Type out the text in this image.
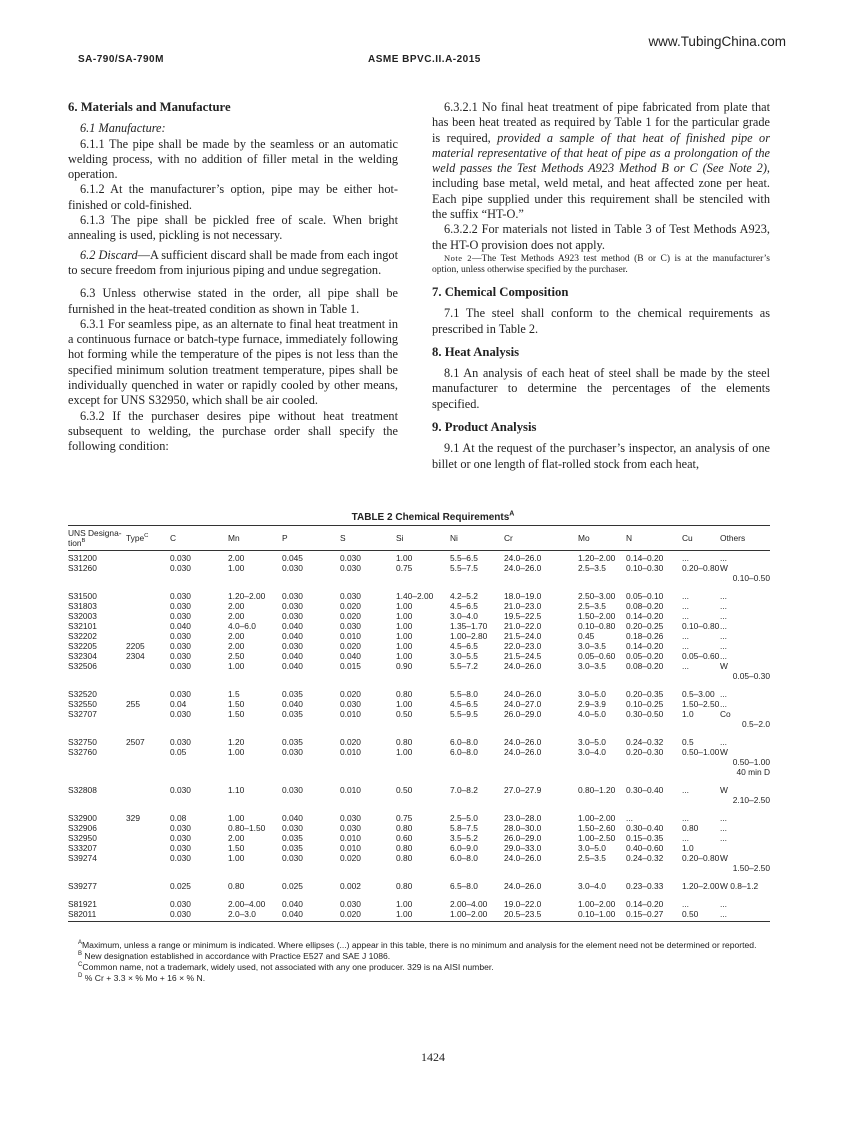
www.TubingChina.com
SA-790/SA-790M	ASME BPVC.II.A-2015
6. Materials and Manufacture

6.1 Manufacture:

6.1.1 The pipe shall be made by the seamless or an automatic welding process, with no addition of filler metal in the welding operation.

6.1.2 At the manufacturer’s option, pipe may be either hot-finished or cold-finished.

6.1.3 The pipe shall be pickled free of scale. When bright annealing is used, pickling is not necessary.

6.2 Discard—A sufficient discard shall be made from each ingot to secure freedom from injurious piping and undue segregation.

6.3 Unless otherwise stated in the order, all pipe shall be furnished in the heat-treated condition as shown in Table 1.

6.3.1 For seamless pipe, as an alternate to final heat treatment in a continuous furnace or batch-type furnace, immediately following hot forming while the temperature of the pipes is not less than the specified minimum solution treatment temperature, pipes shall be individually quenched in water or rapidly cooled by other means, except for UNS S32950, which shall be air cooled.

6.3.2 If the purchaser desires pipe without heat treatment subsequent to welding, the purchase order shall specify the following condition:

6.3.2.1 No final heat treatment of pipe fabricated from plate that has been heat treated as required by Table 1 for the particular grade is required, provided a sample of that heat of finished pipe or material representative of that heat of pipe as a prolongation of the weld passes the Test Methods A923 Method B or C (See Note 2), including base metal, weld metal, and heat affected zone per heat. Each pipe supplied under this requirement shall be stenciled with the suffix “HT-O.”

6.3.2.2 For materials not listed in Table 3 of Test Methods A923, the HT-O provision does not apply.

Note 2—The Test Methods A923 test method (B or C) is at the manufacturer’s option, unless otherwise specified by the purchaser.

7. Chemical Composition

7.1 The steel shall conform to the chemical requirements as prescribed in Table 2.

8. Heat Analysis

8.1 An analysis of each heat of steel shall be made by the steel manufacturer to determine the percentages of the elements specified.

9. Product Analysis

9.1 At the request of the purchaser’s inspector, an analysis of one billet or one length of flat-rolled stock from each heat,

TABLE 2 Chemical Requirements$^A$
UNS Designa-tion$^B$	Type$^C$	C	Mn	P	S	Si	Ni	Cr	Mo	N	Cu	Others
S31200		0.030	2.00	0.045	0.030	1.00	5.5–6.5	24.0–26.0	1.20–2.00	0.14–0.20	...	...
S31260		0.030	1.00	0.030	0.030	0.75	5.5–7.5	24.0–26.0	2.5–3.5	0.10–0.30	0.20–0.80	W
												0.10–0.50

S31500		0.030	1.20–2.00	0.030	0.030	1.40–2.00	4.2–5.2	18.0–19.0	2.50–3.00	0.05–0.10	...	...
S31803		0.030	2.00	0.030	0.020	1.00	4.5–6.5	21.0–23.0	2.5–3.5	0.08–0.20	...	...
S32003		0.030	2.00	0.030	0.020	1.00	3.0–4.0	19.5–22.5	1.50–2.00	0.14–0.20	...	...
S32101		0.040	4.0–6.0	0.040	0.030	1.00	1.35–1.70	21.0–22.0	0.10–0.80	0.20–0.25	0.10–0.80	...
S32202		0.030	2.00	0.040	0.010	1.00	1.00–2.80	21.5–24.0	0.45	0.18–0.26	...	...
S32205	2205	0.030	2.00	0.030	0.020	1.00	4.5–6.5	22.0–23.0	3.0–3.5	0.14–0.20	...	...
S32304	2304	0.030	2.50	0.040	0.040	1.00	3.0–5.5	21.5–24.5	0.05–0.60	0.05–0.20	0.05–0.60	...
S32506		0.030	1.00	0.040	0.015	0.90	5.5–7.2	24.0–26.0	3.0–3.5	0.08–0.20	...	W
												0.05–0.30

S32520		0.030	1.5	0.035	0.020	0.80	5.5–8.0	24.0–26.0	3.0–5.0	0.20–0.35	0.5–3.00	...
S32550	255	0.04	1.50	0.040	0.030	1.00	4.5–6.5	24.0–27.0	2.9–3.9	0.10–0.25	1.50–2.50	...
S32707		0.030	1.50	0.035	0.010	0.50	5.5–9.5	26.0–29.0	4.0–5.0	0.30–0.50	1.0	Co
												0.5–2.0

S32750	2507	0.030	1.20	0.035	0.020	0.80	6.0–8.0	24.0–26.0	3.0–5.0	0.24–0.32	0.5	...
S32760		0.05	1.00	0.030	0.010	1.00	6.0–8.0	24.0–26.0	3.0–4.0	0.20–0.30	0.50–1.00	W
												0.50–1.00
												40 min D

S32808		0.030	1.10	0.030	0.010	0.50	7.0–8.2	27.0–27.9	0.80–1.20	0.30–0.40	...	W
												2.10–2.50

S32900	329	0.08	1.00	0.040	0.030	0.75	2.5–5.0	23.0–28.0	1.00–2.00	...	...	...
S32906		0.030	0.80–1.50	0.030	0.030	0.80	5.8–7.5	28.0–30.0	1.50–2.60	0.30–0.40	0.80	...
S32950		0.030	2.00	0.035	0.010	0.60	3.5–5.2	26.0–29.0	1.00–2.50	0.15–0.35	...	...
S33207		0.030	1.50	0.035	0.010	0.80	6.0–9.0	29.0–33.0	3.0–5.0	0.40–0.60	1.0	
S39274		0.030	1.00	0.030	0.020	0.80	6.0–8.0	24.0–26.0	2.5–3.5	0.24–0.32	0.20–0.80	W
												1.50–2.50

S39277		0.025	0.80	0.025	0.002	0.80	6.5–8.0	24.0–26.0	3.0–4.0	0.23–0.33	1.20–2.00	W 0.8–1.2

S81921		0.030	2.00–4.00	0.040	0.030	1.00	2.00–4.00	19.0–22.0	1.00–2.00	0.14–0.20	...	...
S82011		0.030	2.0–3.0	0.040	0.020	1.00	1.00–2.00	20.5–23.5	0.10–1.00	0.15–0.27	0.50	...

$^A$Maximum, unless a range or minimum is indicated. Where ellipses (...) appear in this table, there is no minimum and analysis for the element need not be determined or reported.

$^B$ New designation established in accordance with Practice E527 and SAE J 1086.

$^C$Common name, not a trademark, widely used, not associated with any one producer. 329 is na AISI number.

$^D$ % Cr + 3.3 × % Mo + 16 × % N.

1424
